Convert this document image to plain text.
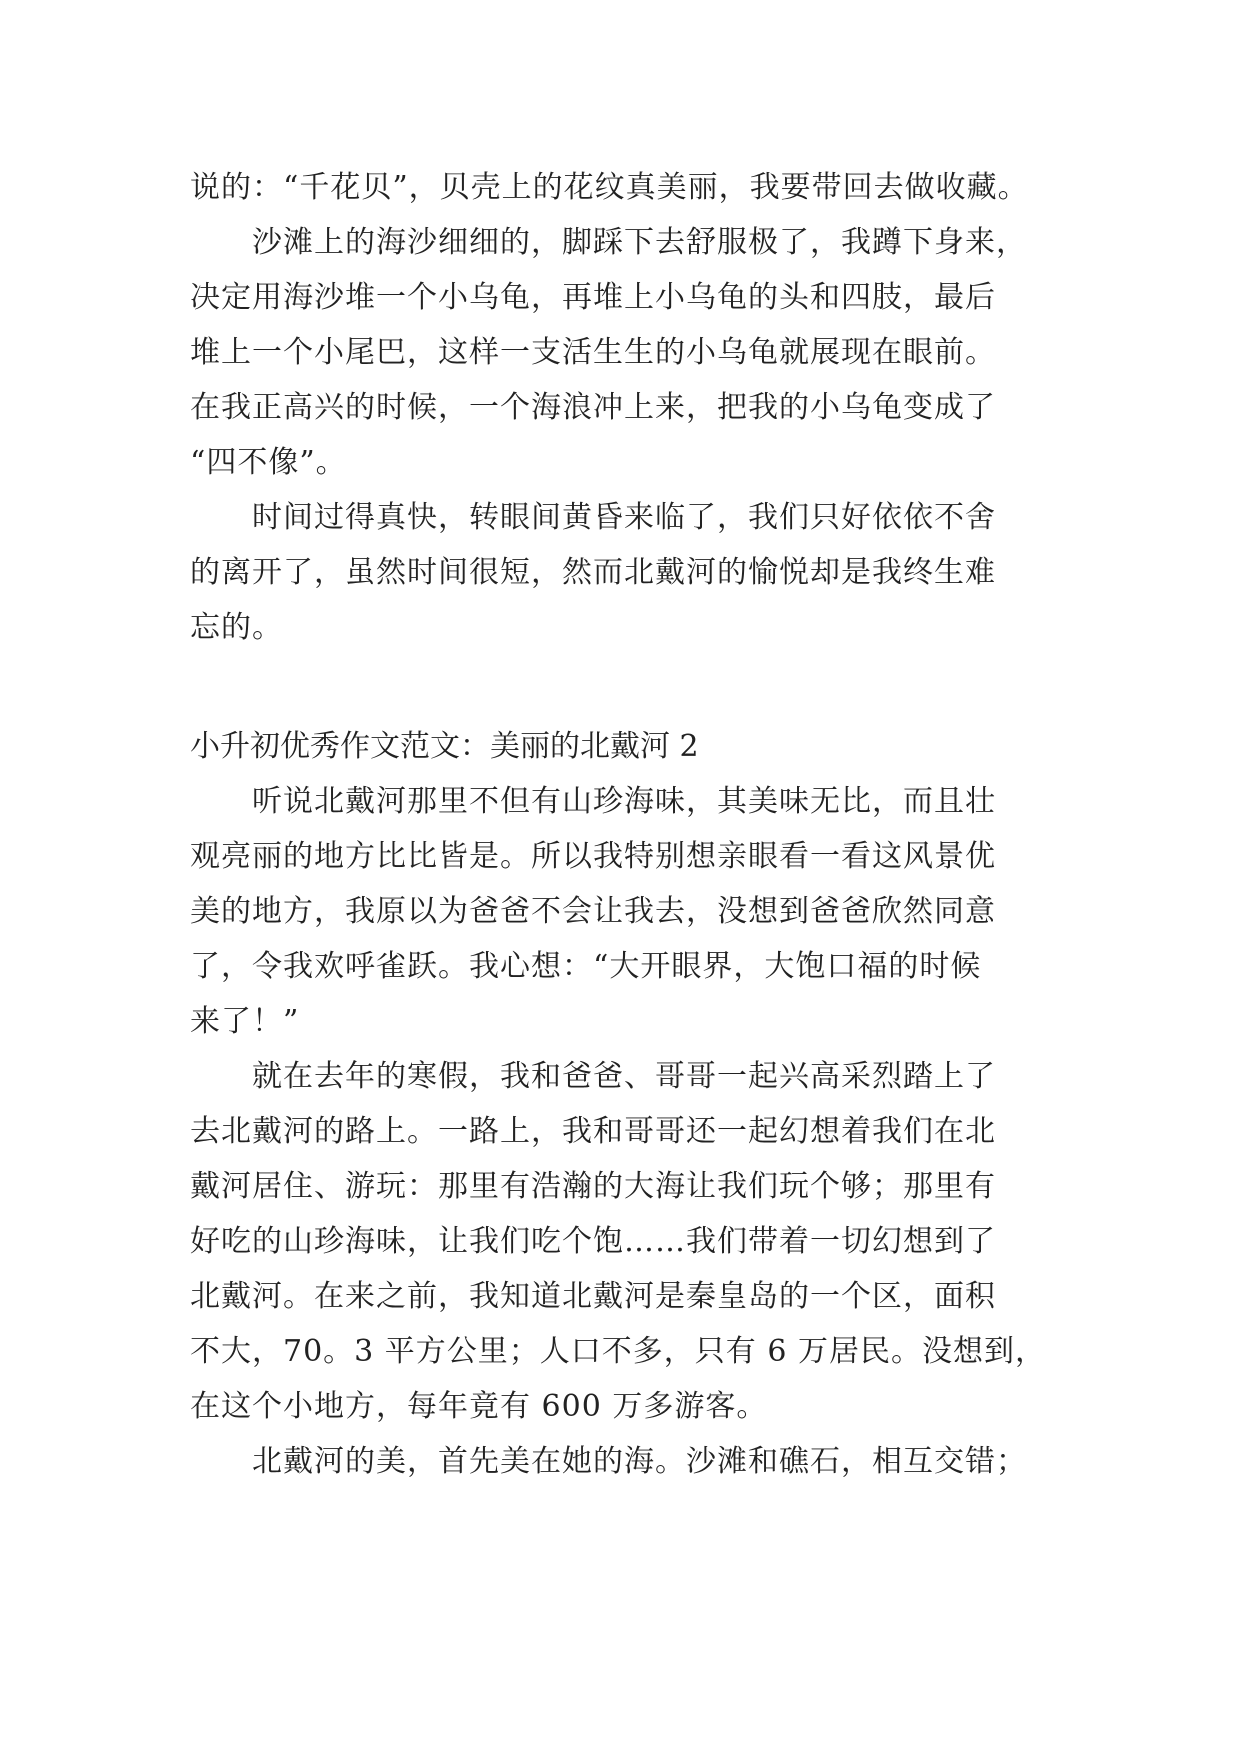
说的：“千花贝”，贝壳上的花纹真美丽，我要带回去做收藏。
　　沙滩上的海沙细细的，脚踩下去舒服极了，我蹲下身来，
决定用海沙堆一个小乌龟，再堆上小乌龟的头和四肢，最后
堆上一个小尾巴，这样一支活生生的小乌龟就展现在眼前。
在我正高兴的时候，一个海浪冲上来，把我的小乌龟变成了
“四不像”。
　　时间过得真快，转眼间黄昏来临了，我们只好依依不舍
的离开了，虽然时间很短，然而北戴河的愉悦却是我终生难
忘的。
小升初优秀作文范文：美丽的北戴河 2
　　听说北戴河那里不但有山珍海味，其美味无比，而且壮
观亮丽的地方比比皆是。所以我特别想亲眼看一看这风景优
美的地方，我原以为爸爸不会让我去，没想到爸爸欣然同意
了，令我欢呼雀跃。我心想：“大开眼界，大饱口福的时候
来了！”
　　就在去年的寒假，我和爸爸、哥哥一起兴高采烈踏上了
去北戴河的路上。一路上，我和哥哥还一起幻想着我们在北
戴河居住、游玩：那里有浩瀚的大海让我们玩个够；那里有
好吃的山珍海味，让我们吃个饱……我们带着一切幻想到了
北戴河。在来之前，我知道北戴河是秦皇岛的一个区，面积
不大，70。3 平方公里；人口不多，只有 6 万居民。没想到，
在这个小地方，每年竟有 600 万多游客。
　　北戴河的美，首先美在她的海。沙滩和礁石，相互交错；
